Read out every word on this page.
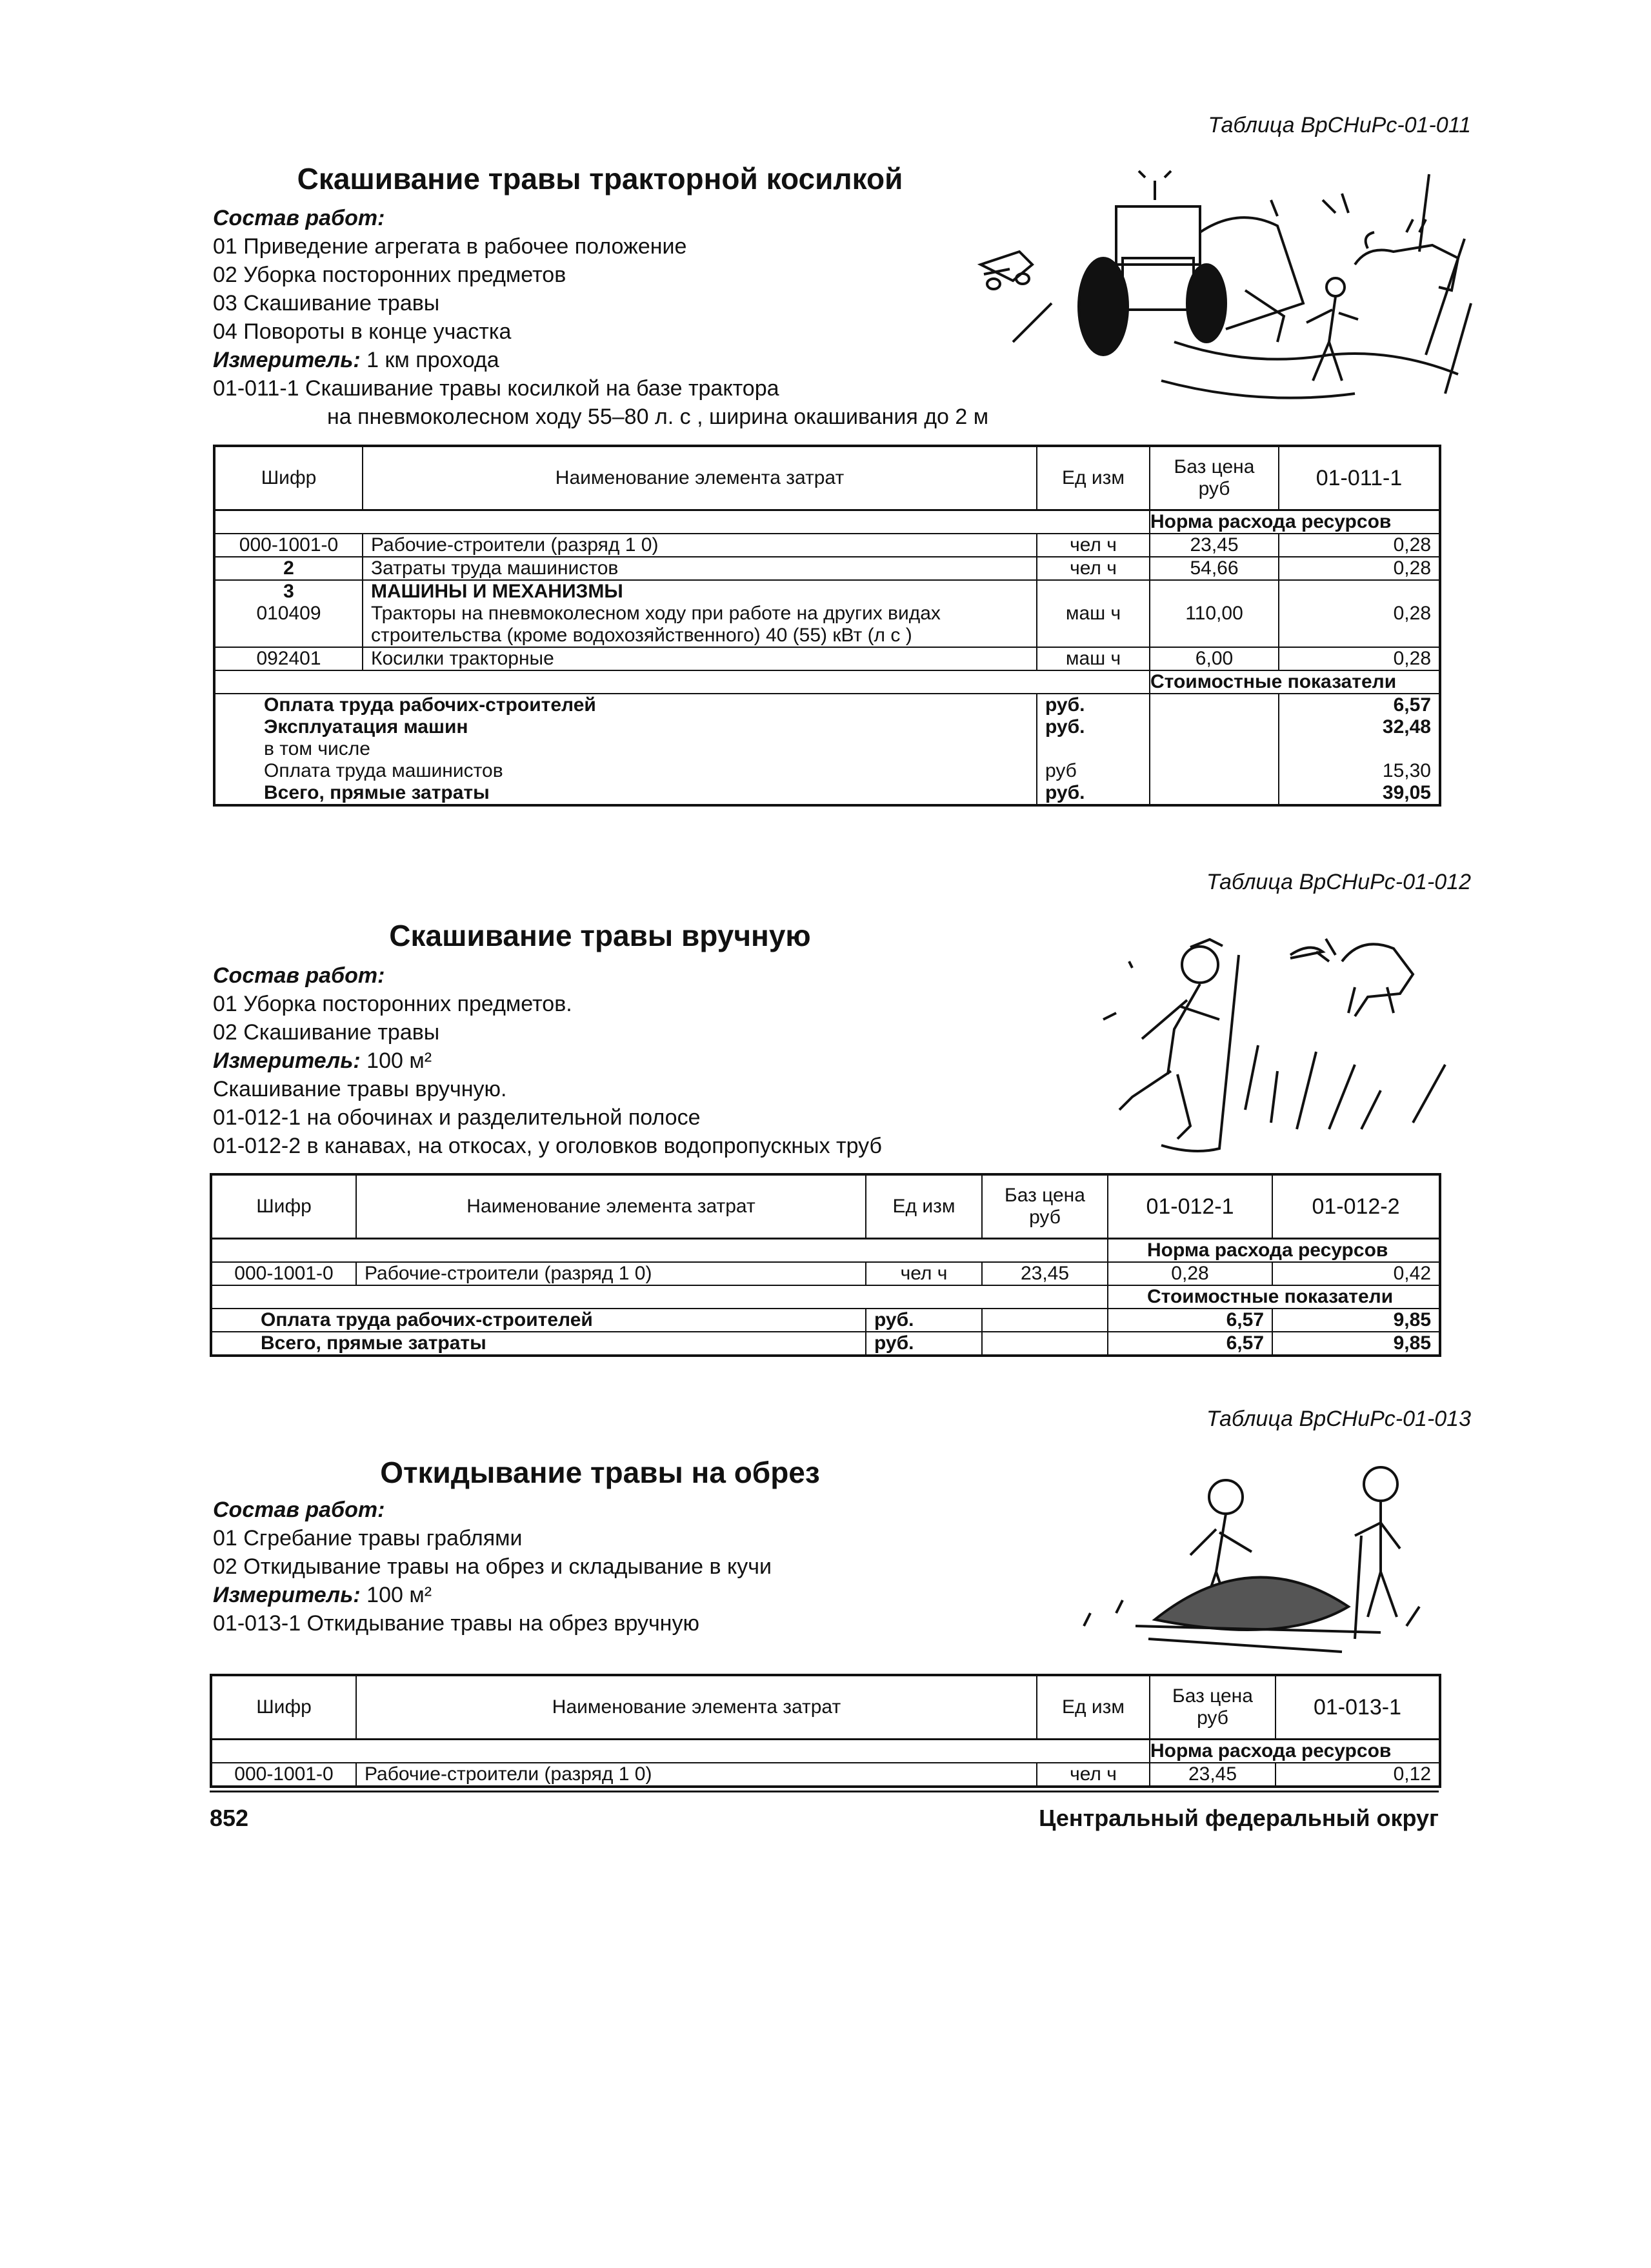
Таблица ВрСНиРс-01-011
Скашивание травы тракторной косилкой
Состав работ:
01 Приведение агрегата в рабочее положение
02 Уборка посторонних предметов
03 Скашивание травы
04 Повороты в конце участка
Измеритель: 1 км прохода
01-011-1 Скашивание травы косилкой на базе трактора
на пневмоколесном ходу 55–80 л. с , ширина окашивания до 2 м
Шифр	Наименование элемента затрат	Ед изм	Баз цена руб	01-011-1
			Норма расхода ресурсов	
000-1001-0	Рабочие-строители (разряд 1 0)	чел ч	23,45	0,28
2	Затраты труда машинистов	чел ч	54,66	0,28
3	МАШИНЫ И МЕХАНИЗМЫ			
010409	Тракторы на пневмоколесном ходу при работе на других видах
строительства (кроме водохозяйственного) 40 (55) кВт (л с )	маш ч	110,00	0,28
092401	Косилки тракторные	маш ч	6,00	0,28
			Стоимостные показатели	
Оплата труда рабочих-строителей		руб.		6,57
Эксплуатация машин		руб.		32,48
в том числе				
Оплата труда машинистов		руб		15,30
Всего, прямые затраты		руб.		39,05
Таблица ВрСНиРс-01-012
Скашивание травы вручную
Состав работ:
01 Уборка посторонних предметов.
02 Скашивание травы
Измеритель: 100 м²
Скашивание травы вручную.
01-012-1 на обочинах и разделительной полосе
01-012-2 в канавах, на откосах, у оголовков водопропускных труб
Шифр	Наименование элемента затрат	Ед изм	Баз цена руб	01-012-1	01-012-2
				Норма расхода ресурсов	
000-1001-0	Рабочие-строители (разряд 1 0)	чел ч	23,45	0,28	0,42
				Стоимостные показатели	
Оплата труда рабочих-строителей		руб.		6,57	9,85
Всего, прямые затраты		руб.		6,57	9,85
Таблица ВрСНиРс-01-013
Откидывание травы на обрез
Состав работ:
01 Сгребание травы граблями
02 Откидывание травы на обрез и складывание в кучи
Измеритель: 100 м²
01-013-1 Откидывание травы на обрез вручную
Шифр	Наименование элемента затрат	Ед изм	Баз цена руб	01-013-1
			Норма расхода ресурсов	
000-1001-0	Рабочие-строители (разряд 1 0)	чел ч	23,45	0,12
852	Центральный федеральный округ
